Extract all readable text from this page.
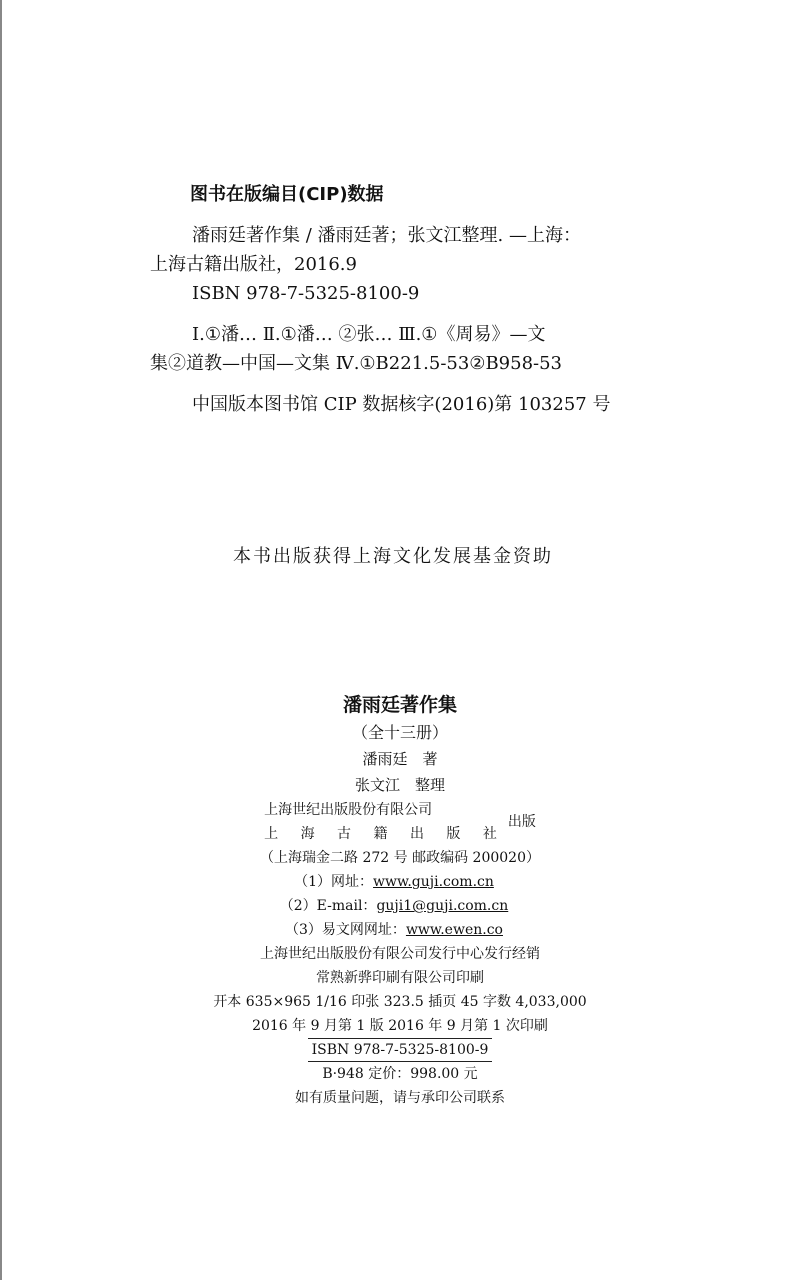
图书在版编目(CIP)数据

潘雨廷著作集 / 潘雨廷著；张文江整理. —上海：

上海古籍出版社，2016.9

ISBN 978-7-5325-8100-9

Ⅰ.①潘… Ⅱ.①潘… ②张… Ⅲ.①《周易》—文

集②道教—中国—文集 Ⅳ.①B221.5-53②B958-53

中国版本图书馆 CIP 数据核字(2016)第 103257 号

本书出版获得上海文化发展基金资助
潘雨廷著作集
（全十三册）
潘雨廷　著
张文江　整理
上海世纪出版股份有限公司
上 海 古 籍 出 版 社
出版
（上海瑞金二路 272 号 邮政编码 200020）
（1）网址：www.guji.com.cn
（2）E-mail：guji1@guji.com.cn
（3）易文网网址：www.ewen.co
上海世纪出版股份有限公司发行中心发行经销
常熟新骅印刷有限公司印刷
开本 635×965 1/16 印张 323.5 插页 45 字数 4,033,000
2016 年 9 月第 1 版 2016 年 9 月第 1 次印刷
ISBN 978-7-5325-8100-9
B·948 定价：998.00 元
如有质量问题，请与承印公司联系
